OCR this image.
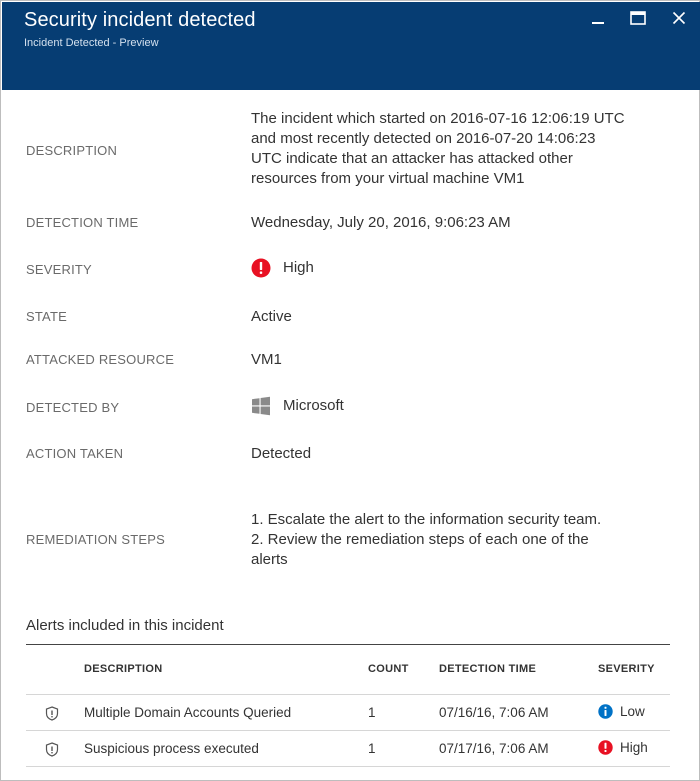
Security incident detected
Incident Detected - Preview
DESCRIPTION
The incident which started on 2016-07-16 12:06:19 UTC
and most recently detected on 2016-07-20 14:06:23
UTC indicate that an attacker has attacked other
resources from your virtual machine VM1
DETECTION TIME	Wednesday, July 20, 2016, 9:06:23 AM
SEVERITY	High
STATE	Active
ATTACKED RESOURCE	VM1
DETECTED BY	Microsoft
ACTION TAKEN	Detected
REMEDIATION STEPS
1. Escalate the alert to the information security team.
2. Review the remediation steps of each one of the
alerts
Alerts included in this incident
DESCRIPTION	COUNT	DETECTION TIME	SEVERITY
Multiple Domain Accounts Queried	1	07/16/16, 7:06 AM	Low
Suspicious process executed	1	07/17/16, 7:06 AM	High
